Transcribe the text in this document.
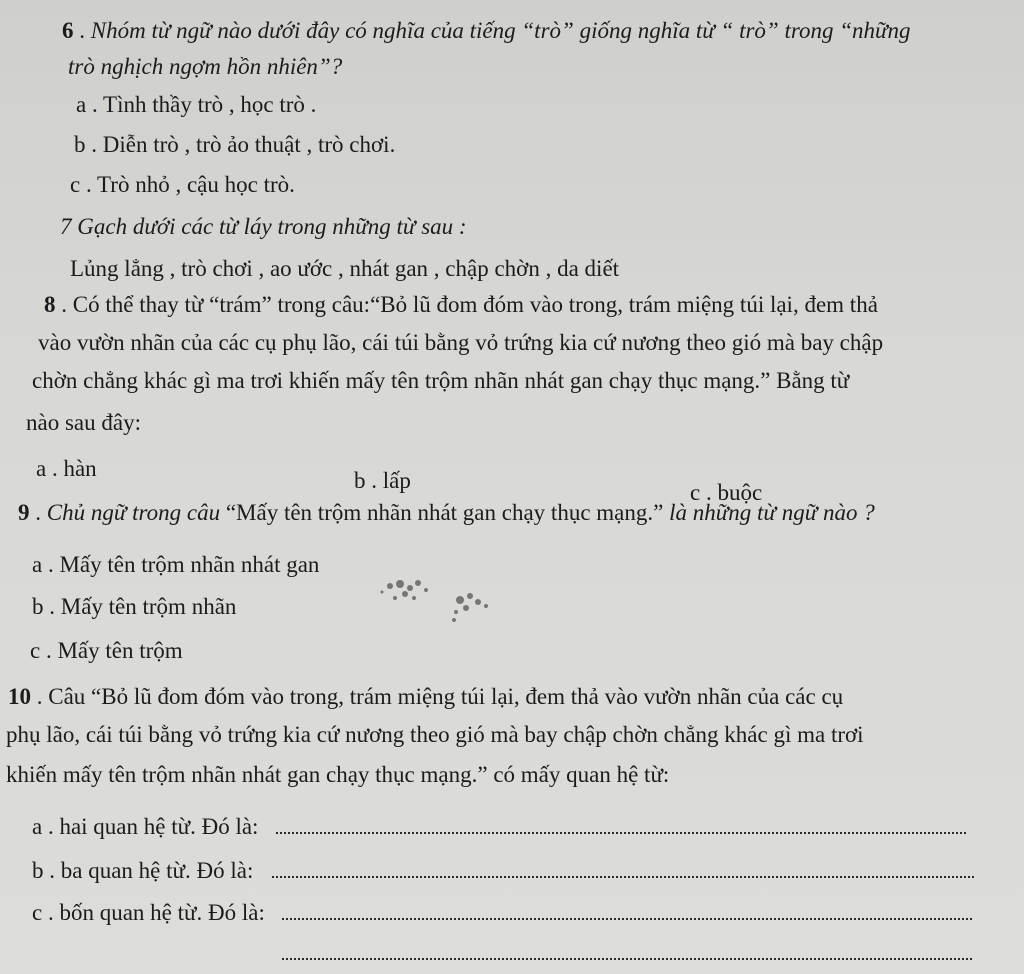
6 . Nhóm từ ngữ nào dưới đây có nghĩa của tiếng “trò” giống nghĩa từ “ trò” trong “những
trò nghịch ngợm hồn nhiên”?
a . Tình thầy trò , học trò .
b . Diễn trò , trò ảo thuật , trò chơi.
c . Trò nhỏ , cậu học trò.
7 Gạch dưới các từ láy trong những từ sau :
Lủng lẳng , trò chơi , ao ước , nhát gan , chập chờn , da diết
8 . Có thể thay từ “trám” trong câu:“Bỏ lũ đom đóm vào trong, trám miệng túi lại, đem thả
vào vườn nhãn của các cụ phụ lão, cái túi bằng vỏ trứng kia cứ nương theo gió mà bay chập
chờn chẳng khác gì ma trơi khiến mấy tên trộm nhãn nhát gan chạy thục mạng.” Bằng từ
nào sau đây:
a . hàn	b . lấp	c . buộc
9 . Chủ ngữ trong câu “Mấy tên trộm nhãn nhát gan chạy thục mạng.” là những từ ngữ nào ?
a . Mấy tên trộm nhãn nhát gan
b . Mấy tên trộm nhãn
c . Mấy tên trộm
10 . Câu “Bỏ lũ đom đóm vào trong, trám miệng túi lại, đem thả vào vườn nhãn của các cụ
phụ lão, cái túi bằng vỏ trứng kia cứ nương theo gió mà bay chập chờn chẳng khác gì ma trơi
khiến mấy tên trộm nhãn nhát gan chạy thục mạng.” có mấy quan hệ từ:
a . hai quan hệ từ. Đó là:
b . ba quan hệ từ. Đó là:
c . bốn quan hệ từ. Đó là:
